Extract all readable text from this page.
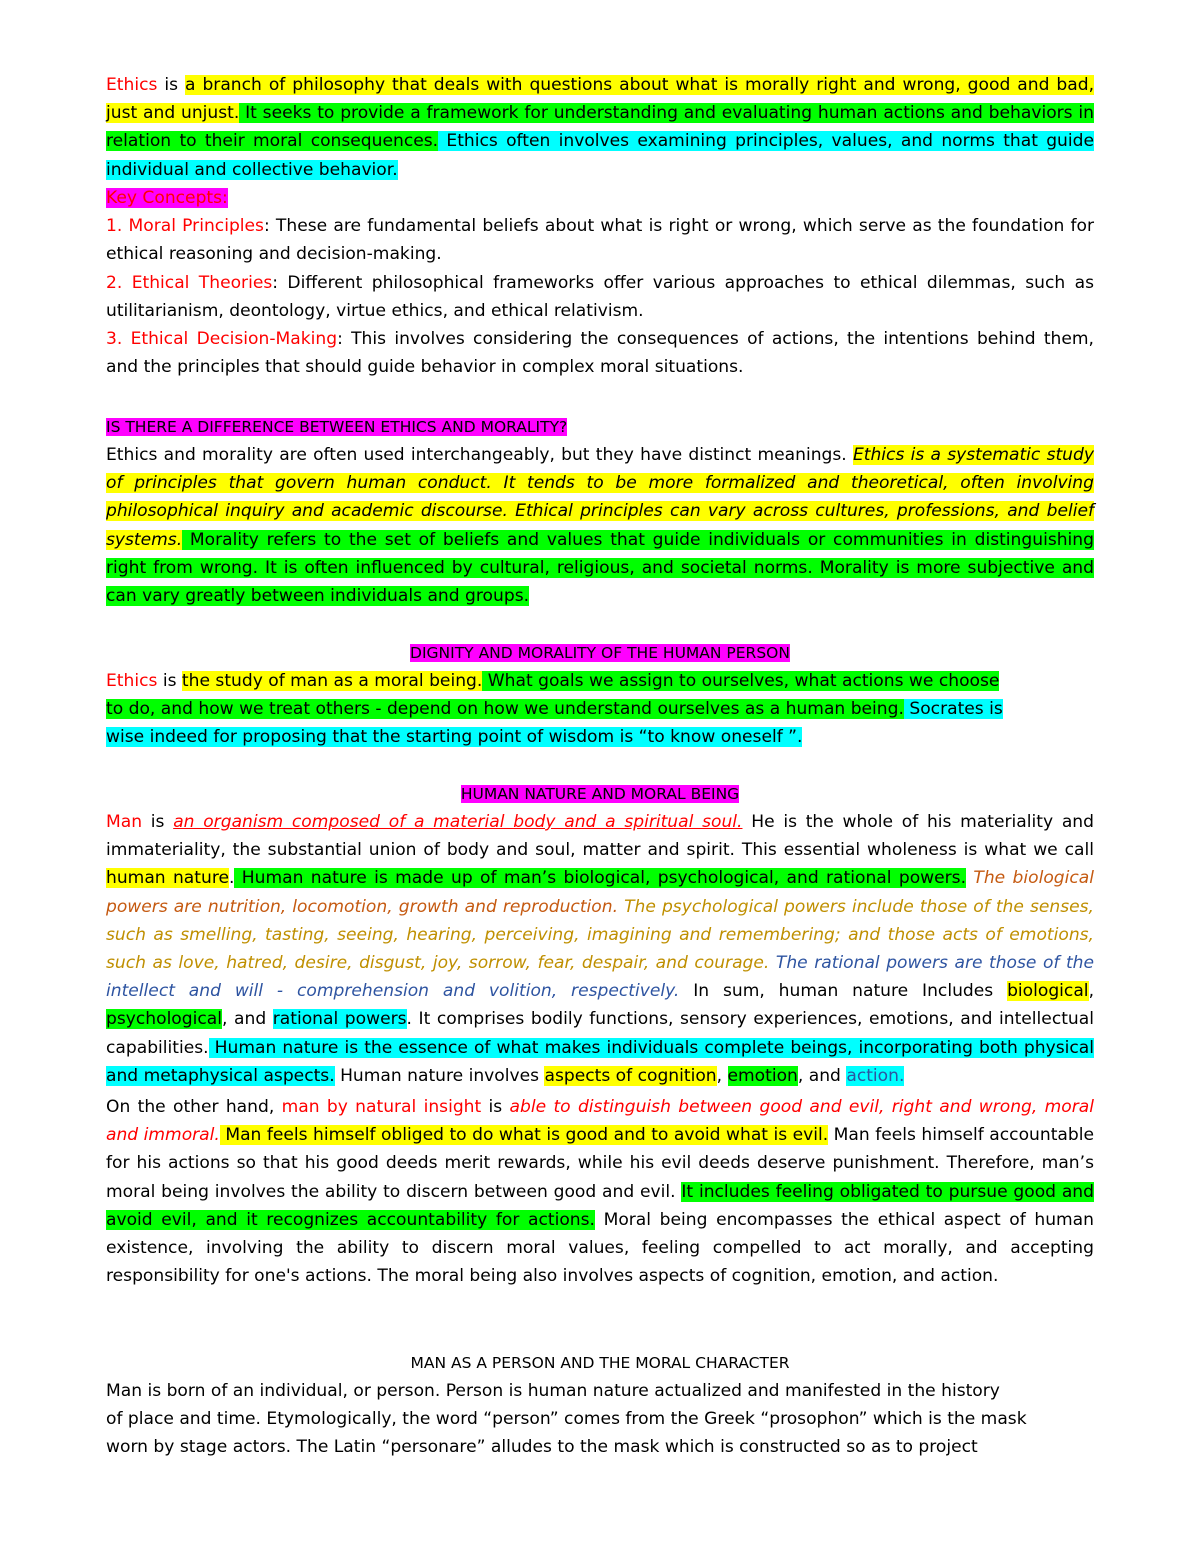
Ethics is a branch of philosophy that deals with questions about what is morally right and wrong, good and bad, just and unjust. It seeks to provide a framework for understanding and evaluating human actions and behaviors in relation to their moral consequences. Ethics often involves examining principles, values, and norms that guide individual and collective behavior.
Key Concepts:
1. Moral Principles: These are fundamental beliefs about what is right or wrong, which serve as the foundation for ethical reasoning and decision-making.
2. Ethical Theories: Different philosophical frameworks offer various approaches to ethical dilemmas, such as utilitarianism, deontology, virtue ethics, and ethical relativism.
3. Ethical Decision-Making: This involves considering the consequences of actions, the intentions behind them, and the principles that should guide behavior in complex moral situations.
IS THERE A DIFFERENCE BETWEEN ETHICS AND MORALITY?
Ethics and morality are often used interchangeably, but they have distinct meanings. Ethics is a systematic study of principles that govern human conduct. It tends to be more formalized and theoretical, often involving philosophical inquiry and academic discourse. Ethical principles can vary across cultures, professions, and belief systems. Morality refers to the set of beliefs and values that guide individuals or communities in distinguishing right from wrong. It is often influenced by cultural, religious, and societal norms. Morality is more subjective and can vary greatly between individuals and groups.
DIGNITY AND MORALITY OF THE HUMAN PERSON
Ethics is the study of man as a moral being. What goals we assign to ourselves, what actions we choose
to do, and how we treat others - depend on how we understand ourselves as a human being. Socrates is
wise indeed for proposing that the starting point of wisdom is “to know oneself ”.
HUMAN NATURE AND MORAL BEING
Man is an organism composed of a material body and a spiritual soul. He is the whole of his materiality and immateriality, the substantial union of body and soul, matter and spirit. This essential wholeness is what we call human nature. Human nature is made up of man’s biological, psychological, and rational powers. The biological powers are nutrition, locomotion, growth and reproduction. The psychological powers include those of the senses, such as smelling, tasting, seeing, hearing, perceiving, imagining and remembering; and those acts of emotions, such as love, hatred, desire, disgust, joy, sorrow, fear, despair, and courage. The rational powers are those of the intellect and will - comprehension and volition, respectively. In sum, human nature Includes biological, psychological, and rational powers. It comprises bodily functions, sensory experiences, emotions, and intellectual capabilities. Human nature is the essence of what makes individuals complete beings, incorporating both physical and metaphysical aspects. Human nature involves aspects of cognition, emotion, and action.
On the other hand, man by natural insight is able to distinguish between good and evil, right and wrong, moral and immoral. Man feels himself obliged to do what is good and to avoid what is evil. Man feels himself accountable for his actions so that his good deeds merit rewards, while his evil deeds deserve punishment. Therefore, man’s moral being involves the ability to discern between good and evil. It includes feeling obligated to pursue good and avoid evil, and it recognizes accountability for actions. Moral being encompasses the ethical aspect of human existence, involving the ability to discern moral values, feeling compelled to act morally, and accepting responsibility for one's actions. The moral being also involves aspects of cognition, emotion, and action.
MAN AS A PERSON AND THE MORAL CHARACTER
Man is born of an individual, or person. Person is human nature actualized and manifested in the history
of place and time. Etymologically, the word “person” comes from the Greek “prosophon” which is the mask
worn by stage actors. The Latin “personare” alludes to the mask which is constructed so as to project
